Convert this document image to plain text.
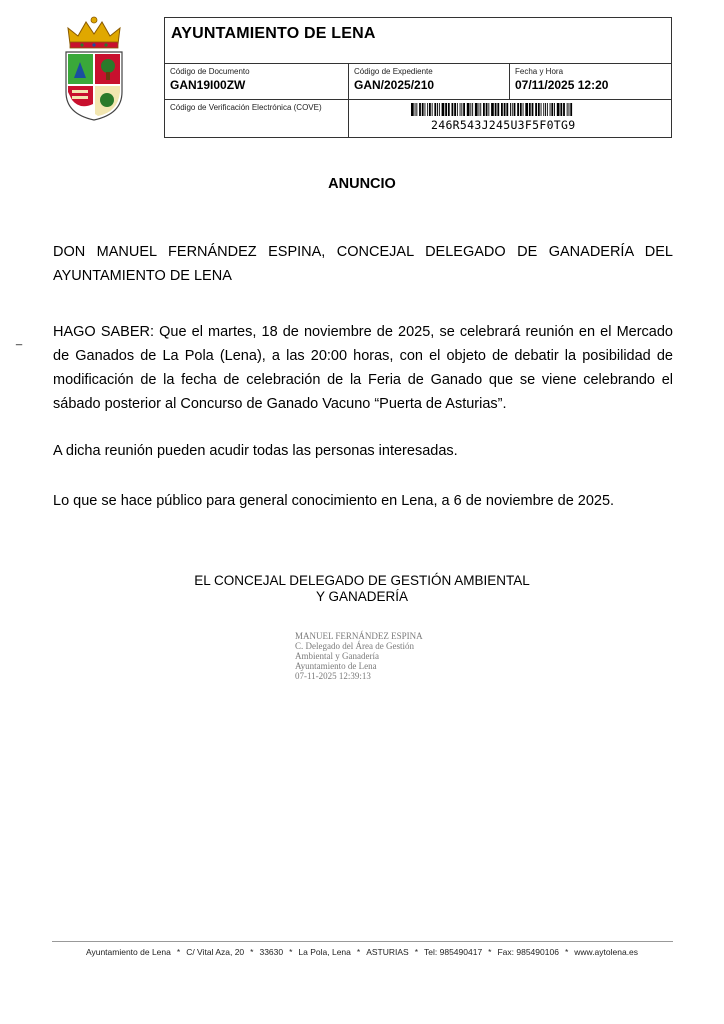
AYUNTAMIENTO DE LENA
Código de Documento
GAN19I00ZW
Código de Expediente
GAN/2025/210
Fecha y Hora
07/11/2025 12:20
Código de Verificación Electrónica (COVE)
246R543J245U3F5F0TG9
ANUNCIO
DON MANUEL FERNÁNDEZ ESPINA, CONCEJAL DELEGADO DE GANADERÍA DEL AYUNTAMIENTO DE LENA
_ HAGO SABER: Que el martes, 18 de noviembre de 2025, se celebrará reunión en el Mercado de Ganados de La Pola (Lena), a las 20:00 horas, con el objeto de debatir la posibilidad de modificación de la fecha de celebración de la Feria de Ganado que se viene celebrando el sábado posterior al Concurso de Ganado Vacuno “Puerta de Asturias”.
A dicha reunión pueden acudir todas las personas interesadas.
Lo que se hace público para general conocimiento en Lena, a 6 de noviembre de 2025.
EL CONCEJAL DELEGADO DE GESTIÓN AMBIENTAL
Y GANADERÍA
MANUEL FERNÁNDEZ ESPINA
C. Delegado del Área de Gestión
Ambiental y Ganadería
Ayuntamiento de Lena
07-11-2025 12:39:13
Ayuntamiento de Lena * C/ Vital Aza, 20 * 33630 * La Pola, Lena * ASTURIAS * Tel: 985490417 * Fax: 985490106 * www.aytolena.es
